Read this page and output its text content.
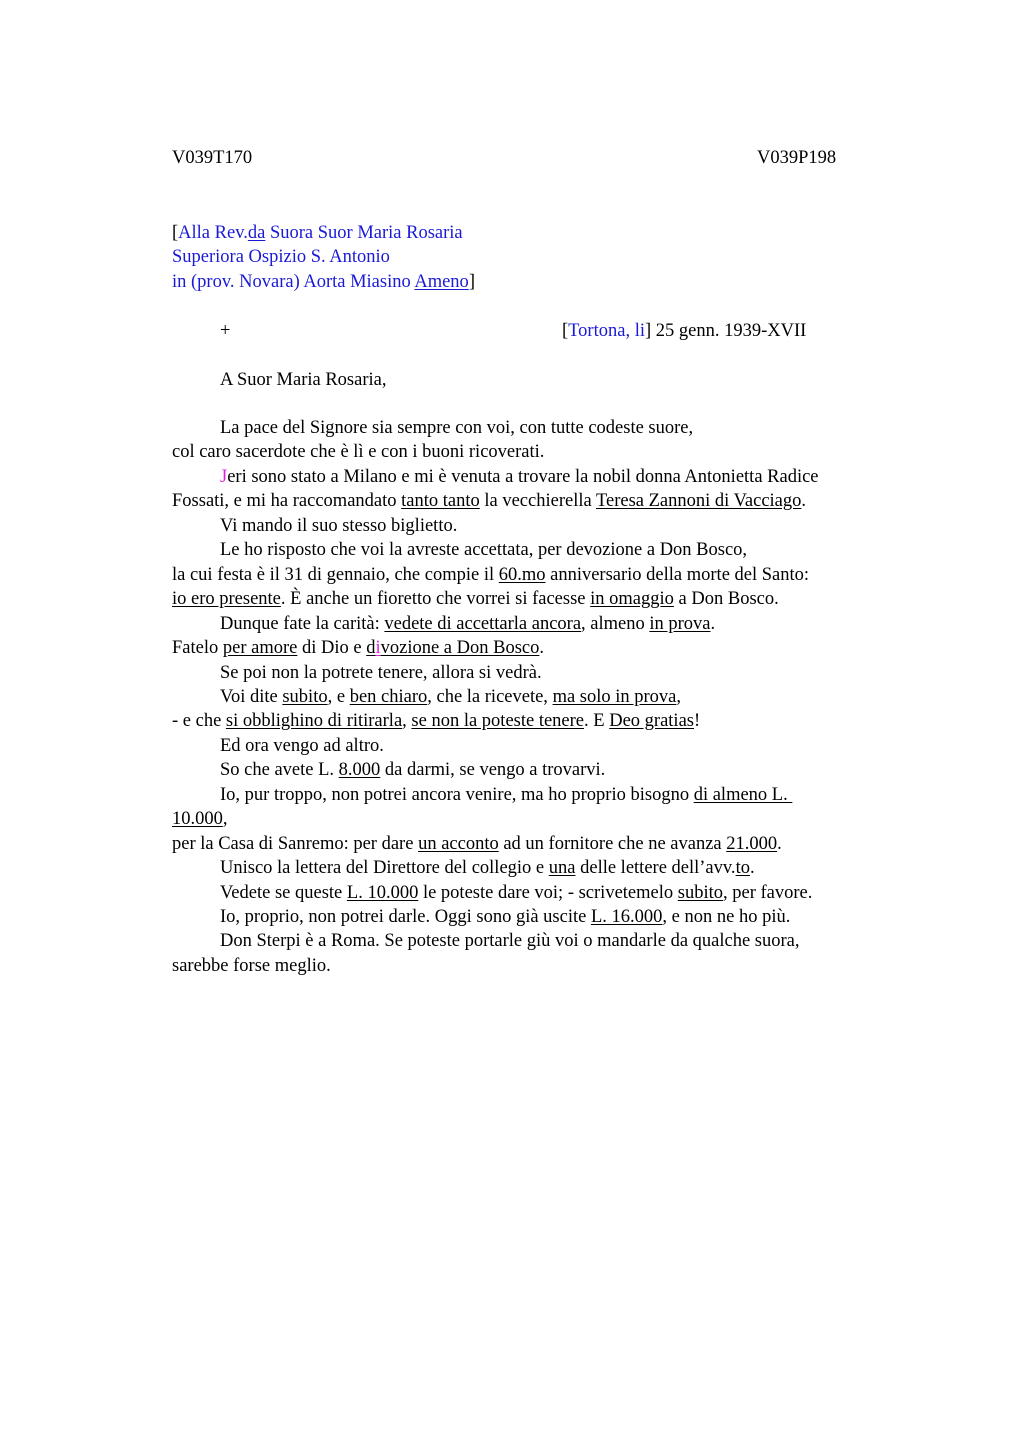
V039T170	V039P198
[Alla Rev.da Suora Suor Maria Rosaria
Superiora Ospizio S. Antonio
in (prov. Novara) Aorta Miasino Ameno]
+	[Tortona, li] 25 genn. 1939-XVII
A Suor Maria Rosaria,
La pace del Signore sia sempre con voi, con tutte codeste suore,
col caro sacerdote che è lì e con i buoni ricoverati.
Jeri sono stato a Milano e mi è venuta a trovare la nobil donna Antonietta Radice
Fossati, e mi ha raccomandato tanto tanto la vecchierella Teresa Zannoni di Vacciago.
Vi mando il suo stesso biglietto.
Le ho risposto che voi la avreste accettata, per devozione a Don Bosco,
la cui festa è il 31 di gennaio, che compie il 60.mo anniversario della morte del Santo:
io ero presente. È anche un fioretto che vorrei si facesse in omaggio a Don Bosco.
Dunque fate la carità: vedete di accettarla ancora, almeno in prova.
Fatelo per amore di Dio e divozione a Don Bosco.
Se poi non la potrete tenere, allora si vedrà.
Voi dite subito, e ben chiaro, che la ricevete, ma solo in prova,
- e che si obblighino di ritirarla, se non la poteste tenere. E Deo gratias!
Ed ora vengo ad altro.
So che avete L. 8.000 da darmi, se vengo a trovarvi.
Io, pur troppo, non potrei ancora venire, ma ho proprio bisogno di almeno L.
10.000,
per la Casa di Sanremo: per dare un acconto ad un fornitore che ne avanza 21.000.
Unisco la lettera del Direttore del collegio e una delle lettere dell’avv.to.
Vedete se queste L. 10.000 le poteste dare voi; - scrivetemelo subito, per favore.
Io, proprio, non potrei darle. Oggi sono già uscite L. 16.000, e non ne ho più.
Don Sterpi è a Roma. Se poteste portarle giù voi o mandarle da qualche suora,
sarebbe forse meglio.
